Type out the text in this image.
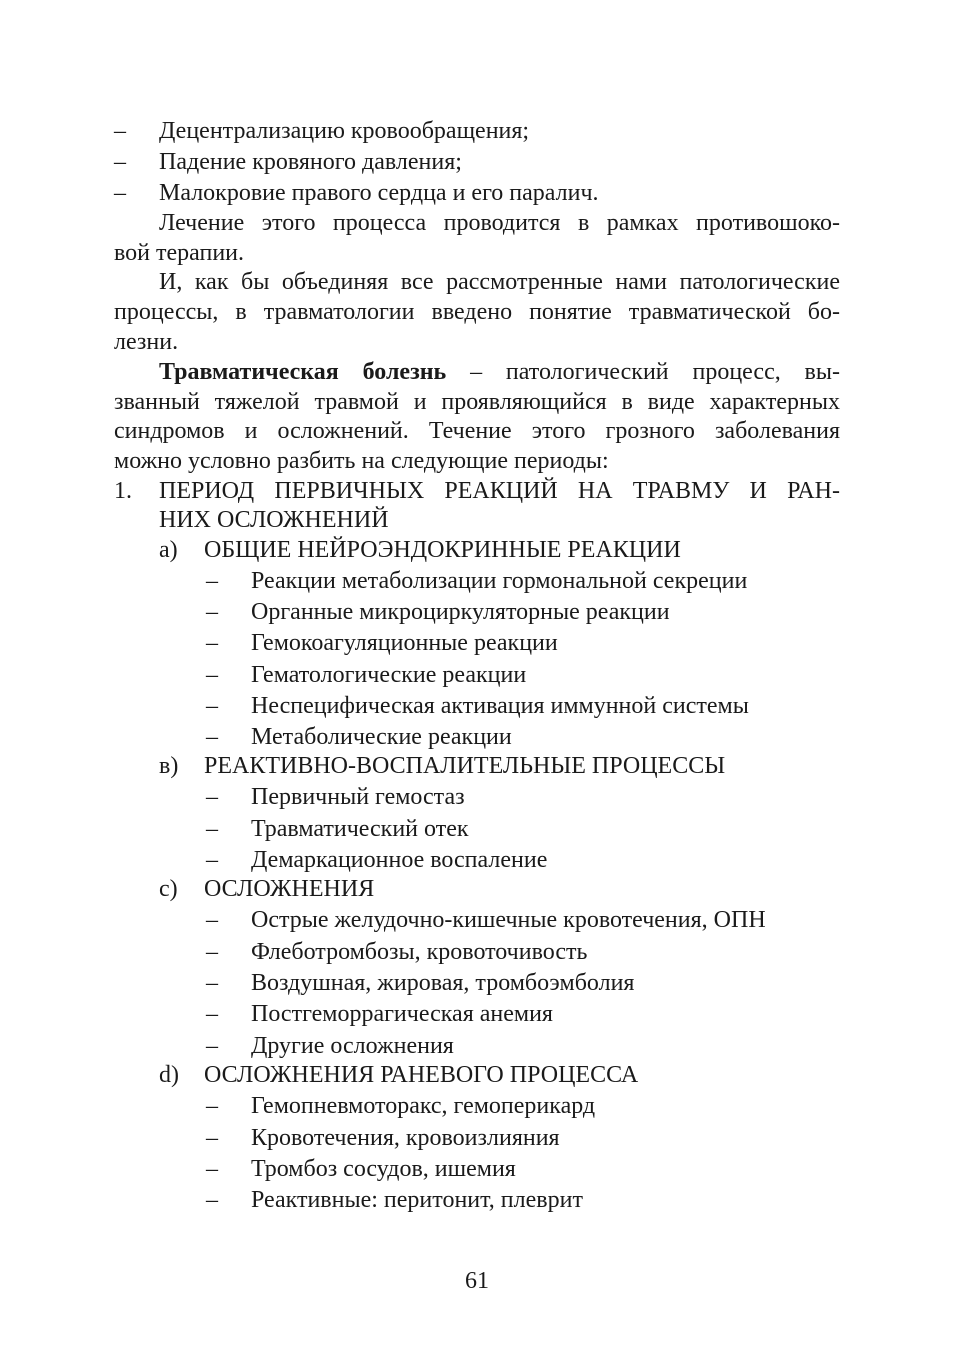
– Децентрализацию кровообращения;
– Падение кровяного давления;
– Малокровие правого сердца и его паралич.
Лечение этого процесса проводится в рамках противошоко-
вой терапии.
И, как бы объединяя все рассмотренные нами патологические
процессы, в травматологии введено понятие травматической бо-
лезни.
Травматическая болезнь – патологический процесс, вы-
званный тяжелой травмой и проявляющийся в виде характерных
синдромов и осложнений. Течение этого грозного заболевания
можно условно разбить на следующие периоды:
1. ПЕРИОД ПЕРВИЧНЫХ РЕАКЦИЙ НА ТРАВМУ И РАН-
НИХ ОСЛОЖНЕНИЙ
а) ОБЩИЕ НЕЙРОЭНДОКРИННЫЕ РЕАКЦИИ
– Реакции метаболизации гормональной секреции
– Органные микроциркуляторные реакции
– Гемокоагуляционные реакции
– Гематологические реакции
– Неспецифическая активация иммунной системы
– Метаболические реакции
в) РЕАКТИВНО-ВОСПАЛИТЕЛЬНЫЕ ПРОЦЕССЫ
– Первичный гемостаз
– Травматический отек
– Демаркационное воспаление
с) ОСЛОЖНЕНИЯ
– Острые желудочно-кишечные кровотечения, ОПН
– Флеботромбозы, кровоточивость
– Воздушная, жировая, тромбоэмболия
– Постгеморрагическая анемия
– Другие осложнения
d) ОСЛОЖНЕНИЯ РАНЕВОГО ПРОЦЕССА
– Гемопневмоторакс, гемоперикард
– Кровотечения, кровоизлияния
– Тромбоз сосудов, ишемия
– Реактивные: перитонит, плеврит
61
